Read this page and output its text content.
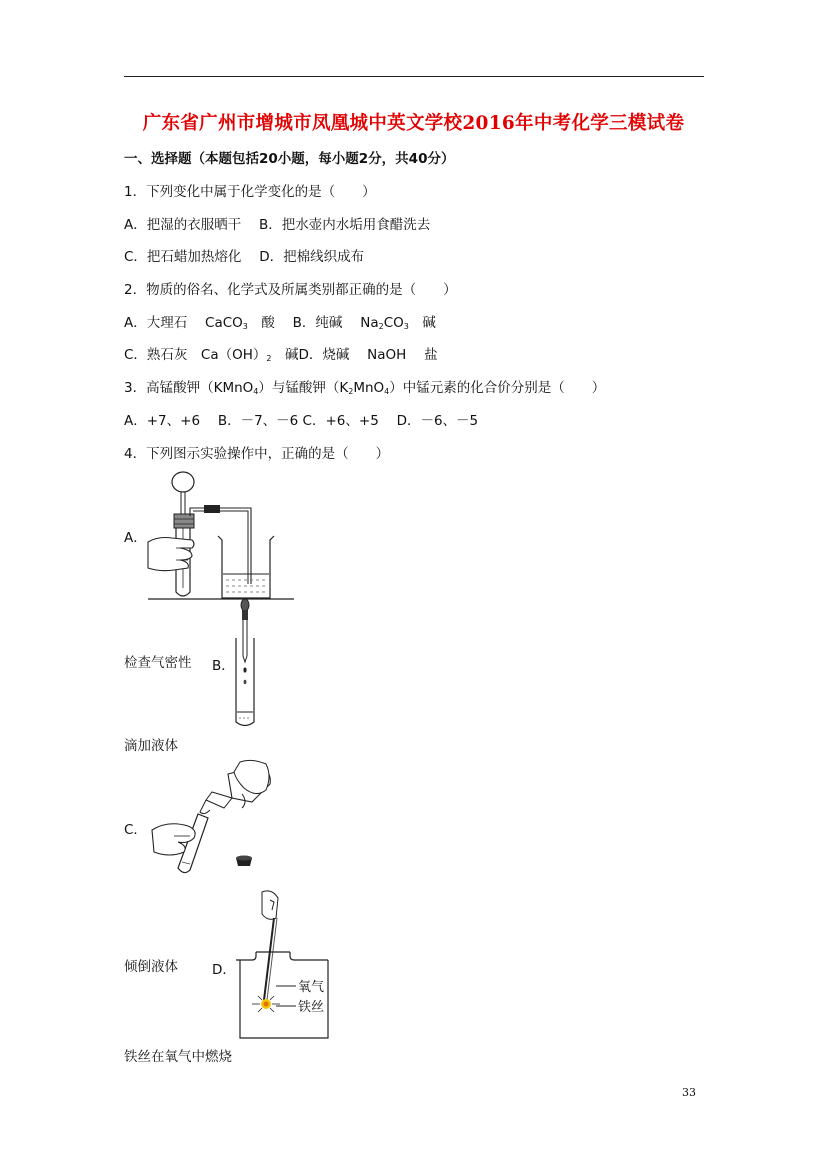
广东省广州市增城市凤凰城中英文学校2016年中考化学三模试卷
一、选择题（本题包括20小题，每小题2分，共40分）
1．下列变化中属于化学变化的是（　　）
A．把湿的衣服晒干　 B．把水壶内水垢用食醋洗去
C．把石蜡加热熔化　 D．把棉线织成布
2．物质的俗名、化学式及所属类别都正确的是（　　）
A．大理石　 CaCO$_3$　酸　 B．纯碱　 $Na_2CO_3$　碱
C．熟石灰　$Ca(OH)_2$　碱D．烧碱　 NaOH　 盐
3．高锰酸钾（KMnO$_4$）与锰酸钾$(K_2MnO_4)$中锰元素的化合价分别是（　　）
A．+7、+6　 B．－7、－6 C．+6、+5　 D．－6、－5
4．下列图示实验操作中，正确的是（　　）
A．
检查气密性 B．
滴加液体
C．
倾倒液体	D．
氧气
铁丝
铁丝在氧气中燃烧
33
